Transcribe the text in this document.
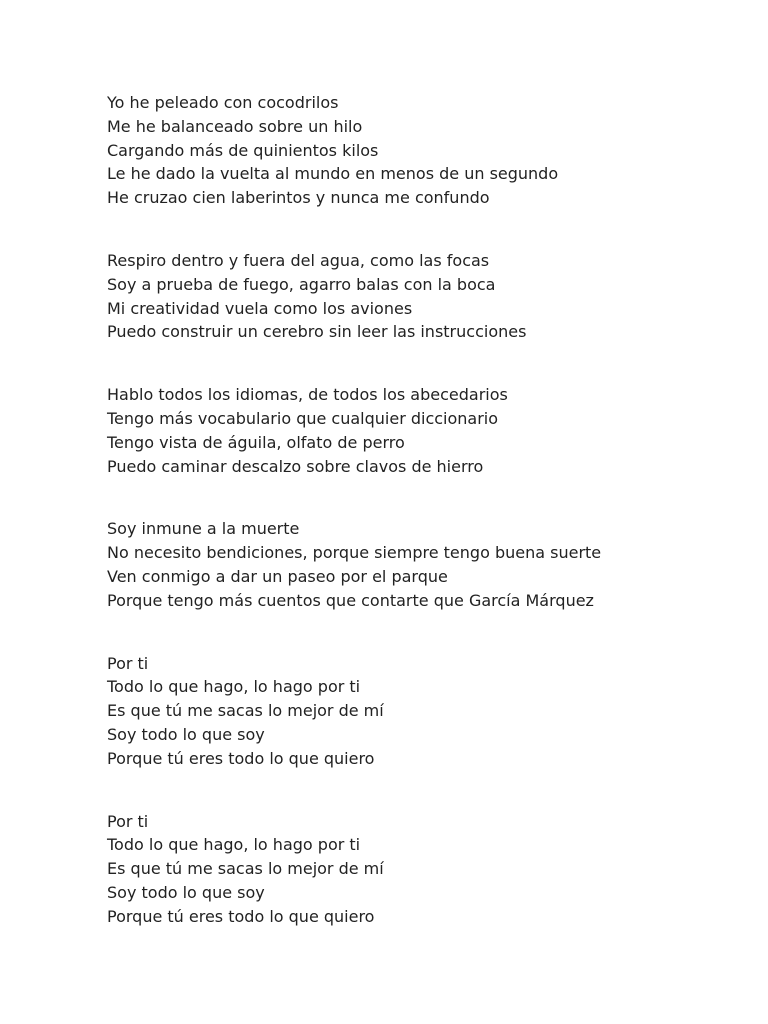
Yo he peleado con cocodrilos
Me he balanceado sobre un hilo
Cargando más de quinientos kilos
Le he dado la vuelta al mundo en menos de un segundo
He cruzao cien laberintos y nunca me confundo
Respiro dentro y fuera del agua, como las focas
Soy a prueba de fuego, agarro balas con la boca
Mi creatividad vuela como los aviones
Puedo construir un cerebro sin leer las instrucciones
Hablo todos los idiomas, de todos los abecedarios
Tengo más vocabulario que cualquier diccionario
Tengo vista de águila, olfato de perro
Puedo caminar descalzo sobre clavos de hierro
Soy inmune a la muerte
No necesito bendiciones, porque siempre tengo buena suerte
Ven conmigo a dar un paseo por el parque
Porque tengo más cuentos que contarte que García Márquez
Por ti
Todo lo que hago, lo hago por ti
Es que tú me sacas lo mejor de mí
Soy todo lo que soy
Porque tú eres todo lo que quiero
Por ti
Todo lo que hago, lo hago por ti
Es que tú me sacas lo mejor de mí
Soy todo lo que soy
Porque tú eres todo lo que quiero
